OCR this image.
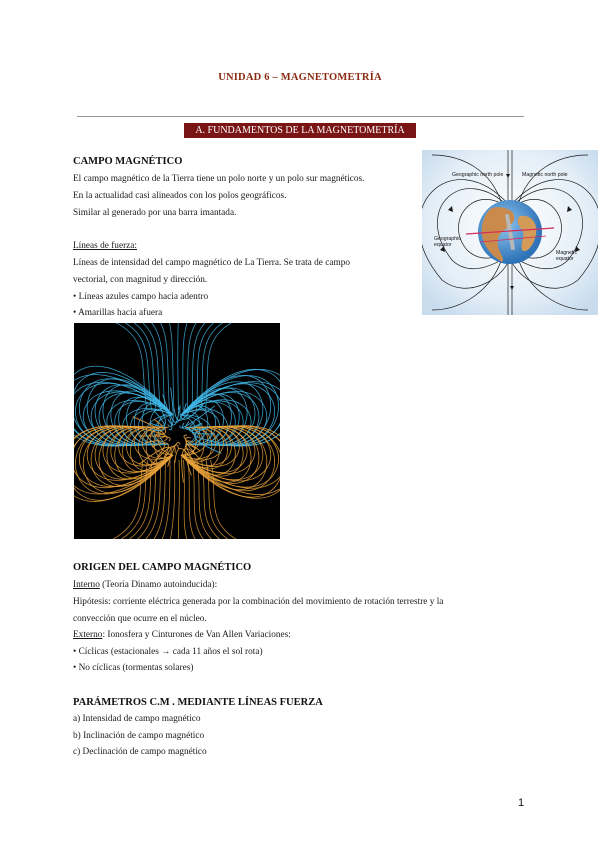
UNIDAD 6 – MAGNETOMETRÍA
A. FUNDAMENTOS DE LA MAGNETOMETRÍA
CAMPO MAGNÉTICO
El campo magnético de la Tierra tiene un polo norte y un polo sur magnéticos.
En la actualidad casi alineados con los polos geográficos.
Similar al generado por una barra imantada.
Líneas de fuerza:
Líneas de intensidad del campo magnético de La Tierra. Se trata de campo
vectorial, con magnitud y dirección.
• Líneas azules campo hacia adentro
• Amarillas hacia afuera
Geographic north pole	Magnetic north pole
Geographic
equator
Magnetic
equator
ORIGEN DEL CAMPO MAGNÉTICO
Interno (Teoría Dinamo autoinducida):
Hipótesis: corriente eléctrica generada por la combinación del movimiento de rotación terrestre y la
convección que ocurre en el núcleo.
Externo: Ionosfera y Cinturones de Van Allen Variaciones:
• Cíclicas (estacionales → cada 11 años el sol rota)
• No cíclicas (tormentas solares)
PARÁMETROS C.M . MEDIANTE LÍNEAS FUERZA
a) Intensidad de campo magnético
b) Inclinación de campo magnético
c) Declinación de campo magnético
1
